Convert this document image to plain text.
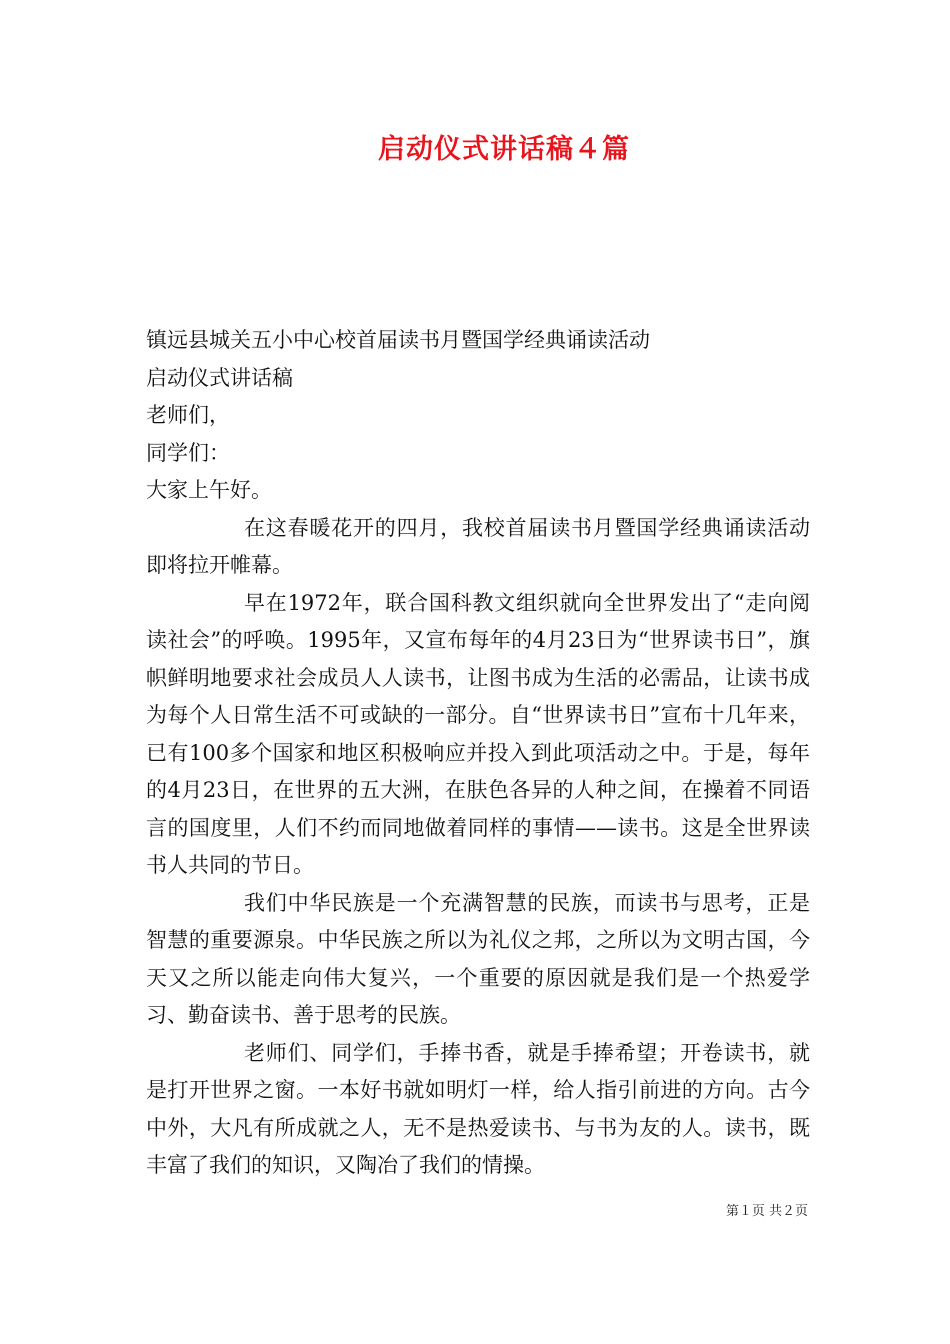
启动仪式讲话稿４篇

镇远县城关五小中心校首届读书月暨国学经典诵读活动

启动仪式讲话稿

老师们，

同学们：

大家上午好。

在这春暖花开的四月，我校首届读书月暨国学经典诵读活动即将拉开帷幕。

早在1972年，联合国科教文组织就向全世界发出了“走向阅读社会”的呼唤。1995年，又宣布每年的4月23日为“世界读书日”，旗帜鲜明地要求社会成员人人读书，让图书成为生活的必需品，让读书成为每个人日常生活不可或缺的一部分。自“世界读书日”宣布十几年来，已有100多个国家和地区积极响应并投入到此项活动之中。于是，每年的4月23日，在世界的五大洲，在肤色各异的人种之间，在操着不同语言的国度里，人们不约而同地做着同样的事情——读书。这是全世界读书人共同的节日。

我们中华民族是一个充满智慧的民族，而读书与思考，正是智慧的重要源泉。中华民族之所以为礼仪之邦，之所以为文明古国，今天又之所以能走向伟大复兴，一个重要的原因就是我们是一个热爱学习、勤奋读书、善于思考的民族。

老师们、同学们，手捧书香，就是手捧希望；开卷读书，就是打开世界之窗。一本好书就如明灯一样，给人指引前进的方向。古今中外，大凡有所成就之人，无不是热爱读书、与书为友的人。读书，既丰富了我们的知识，又陶冶了我们的情操。

第１页 共２页
